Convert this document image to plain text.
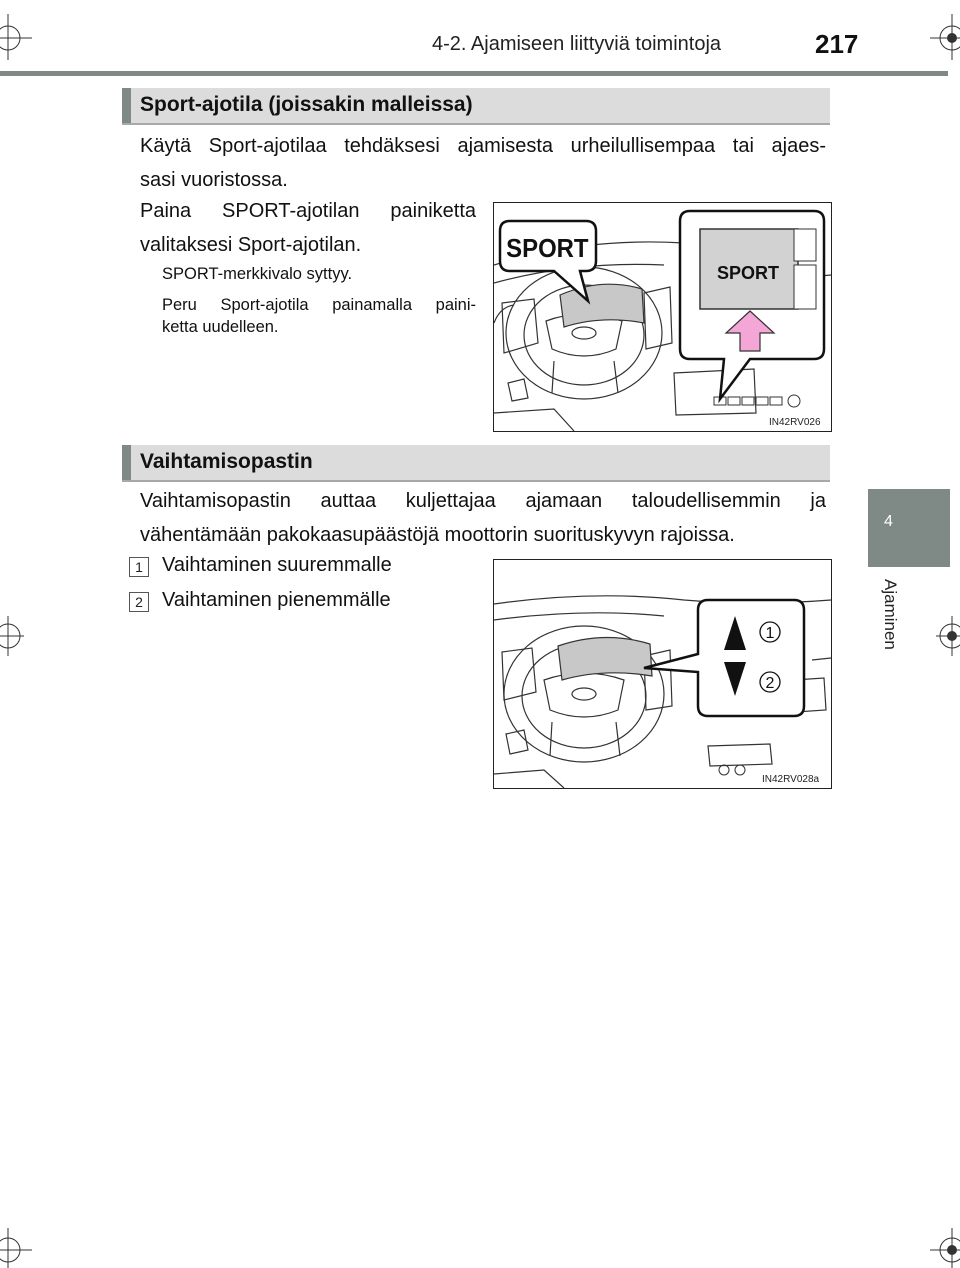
4-2. Ajamiseen liittyviä toimintoja	217
4
Ajaminen
Sport-ajotila (joissakin malleissa)
Käytä Sport-ajotilaa tehdäksesi ajamisesta urheilullisempaa tai ajaes-
sasi vuoristossa.
Paina SPORT-ajotilan painiketta
valitaksesi Sport-ajotilan.
SPORT-merkkivalo syttyy.
Peru Sport-ajotila painamalla paini-
ketta uudelleen.
SPORT
SPORT
IN42RV026
Vaihtamisopastin
Vaihtamisopastin auttaa kuljettajaa ajamaan taloudellisemmin ja
vähentämään pakokaasupäästöjä moottorin suorituskyvyn rajoissa.
1 Vaihtaminen suuremmalle
2 Vaihtaminen pienemmälle
1
2
IN42RV028a
